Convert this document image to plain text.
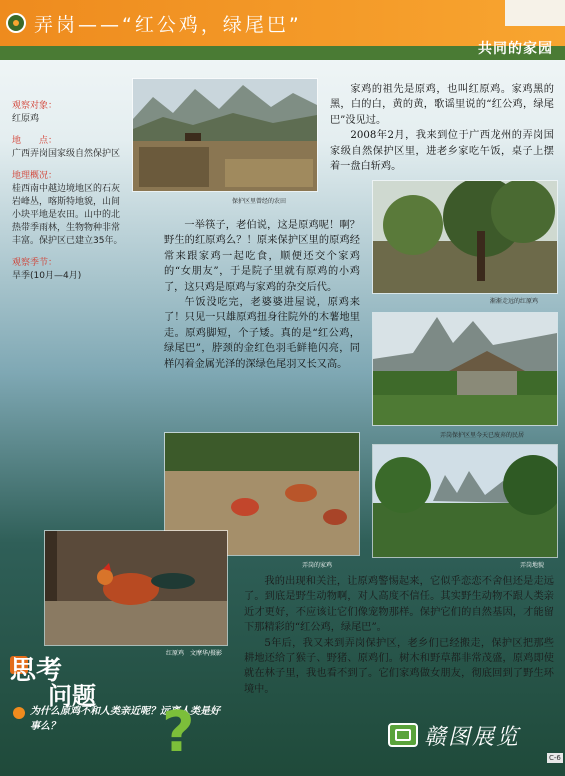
弄岗——“红公鸡，绿尾巴”
共同的家园
观察对象：
红原鸡
地　　点：
广西弄岗国家级自然保护区
地理概况：
桂西南中越边境地区的石灰岩峰丛，喀斯特地貌，山间小块平地是农田。山中的北热带季雨林，生物物种非常丰富。保护区已建立35年。
观察季节：
旱季(10月—4月)
保护区里曾经的农田

家鸡的祖先是原鸡，也叫红原鸡。家鸡黑的黑，白的白，黄的黄，歌谣里说的“红公鸡，绿尾巴”没见过。

2008年2月，我来到位于广西龙州的弄岗国家级自然保护区里，进老乡家吃午饭，桌子上摆着一盘白斩鸡。

渐渐走远的红原鸡

一举筷子，老伯说，这是原鸡呢！啊？野生的红原鸡么？！原来保护区里的原鸡经常来跟家鸡一起吃食，顺便还交个家鸡的“女朋友”，于是院子里就有原鸡的小鸡了，这只鸡是原鸡与家鸡的杂交后代。

午饭没吃完，老婆婆进屋说，原鸡来了！只见一只雄原鸡扭身往院外的木薯地里走。原鸡脚短，个子矮。真的是“红公鸡，绿尾巴”，脖颈的金红色羽毛鲜艳闪亮，同样闪着金属光泽的深绿色尾羽又长又高。

弄岗保护区里今天已废弃的民居
弄岗的家鸡	弄岗地貌
红原鸡　文摩华/摄影

我的出现和关注，让原鸡警惕起来，它似乎恋恋不舍但还是走远了。到底是野生动物啊，对人高度不信任。其实野生动物不跟人类亲近才更好，不应该让它们像宠物那样。保护它们的自然基因，才能留下那精彩的“红公鸡，绿尾巴”。

5年后，我又来到弄岗保护区，老乡们已经搬走，保护区把那些耕地还给了猴子、野猪、原鸡们。树木和野草都非常茂盛，原鸡即使就在林子里，我也看不到了。它们家鸡做女朋友，彻底回到了野生环境中。

思考
问题
为什么原鸡不和人类亲近呢？远离人类是好事么？	?	赣图展览
C-6
